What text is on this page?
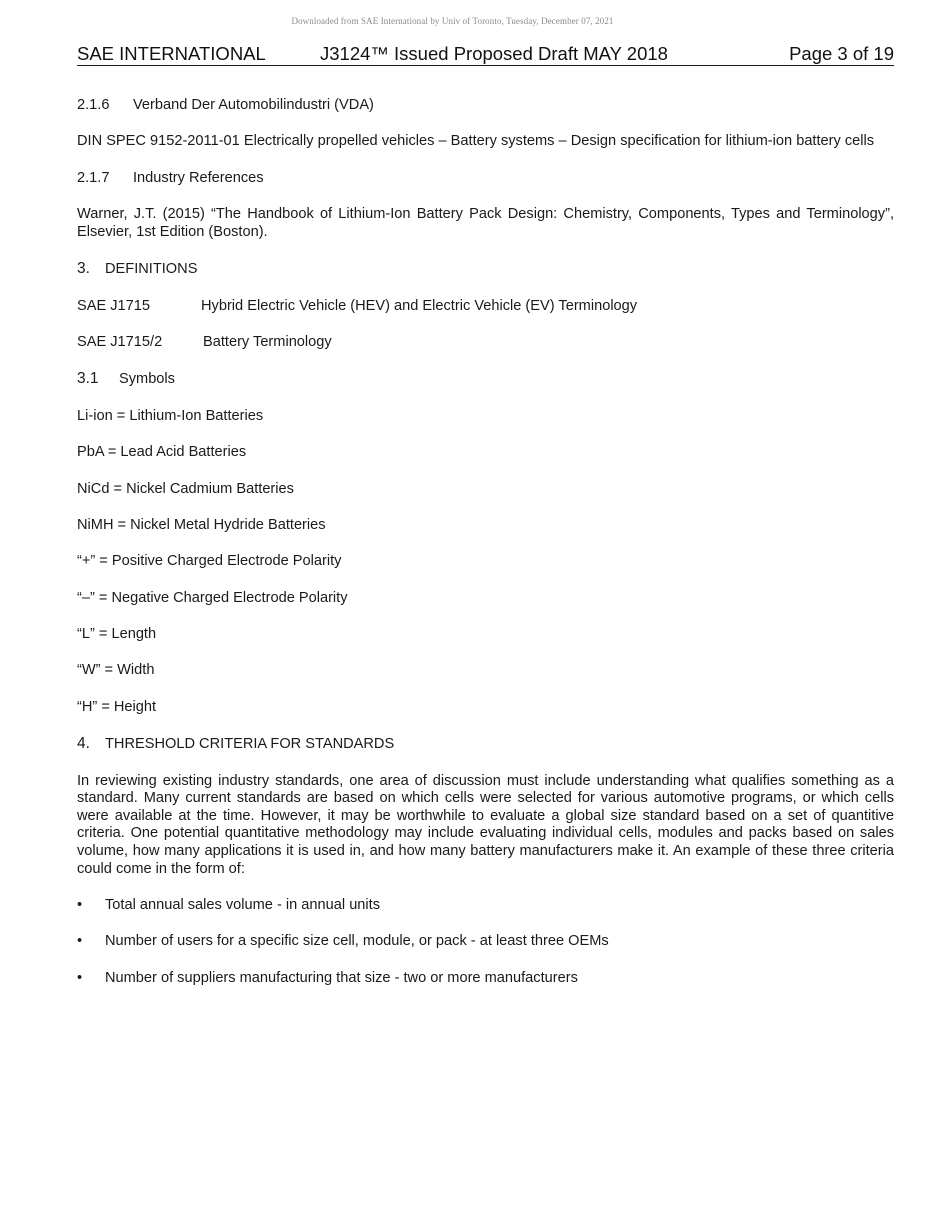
Downloaded from SAE International by Univ of Toronto, Tuesday, December 07, 2021
SAE INTERNATIONAL	J3124™ Issued Proposed Draft MAY 2018	Page 3 of 19

2.1.6 Verband Der Automobilindustri (VDA)

DIN SPEC 9152-2011-01 Electrically propelled vehicles – Battery systems – Design specification for lithium-ion battery cells

2.1.7 Industry References

Warner, J.T. (2015) “The Handbook of Lithium-Ion Battery Pack Design: Chemistry, Components, Types and Terminology”, Elsevier, 1st Edition (Boston).

3. DEFINITIONS

SAE J1715	Hybrid Electric Vehicle (HEV) and Electric Vehicle (EV) Terminology

SAE J1715/2	Battery Terminology

3.1 Symbols

Li-ion = Lithium-Ion Batteries

PbA = Lead Acid Batteries

NiCd = Nickel Cadmium Batteries

NiMH = Nickel Metal Hydride Batteries

“+” = Positive Charged Electrode Polarity

“–” = Negative Charged Electrode Polarity

“L” = Length

“W” = Width

“H” = Height

4. THRESHOLD CRITERIA FOR STANDARDS

In reviewing existing industry standards, one area of discussion must include understanding what qualifies something as a standard. Many current standards are based on which cells were selected for various automotive programs, or which cells were available at the time. However, it may be worthwhile to evaluate a global size standard based on a set of quantitive criteria. One potential quantitative methodology may include evaluating individual cells, modules and packs based on sales volume, how many applications it is used in, and how many battery manufacturers make it. An example of these three criteria could come in the form of:

•	Total annual sales volume - in annual units
•	Number of users for a specific size cell, module, or pack - at least three OEMs
•	Number of suppliers manufacturing that size - two or more manufacturers
